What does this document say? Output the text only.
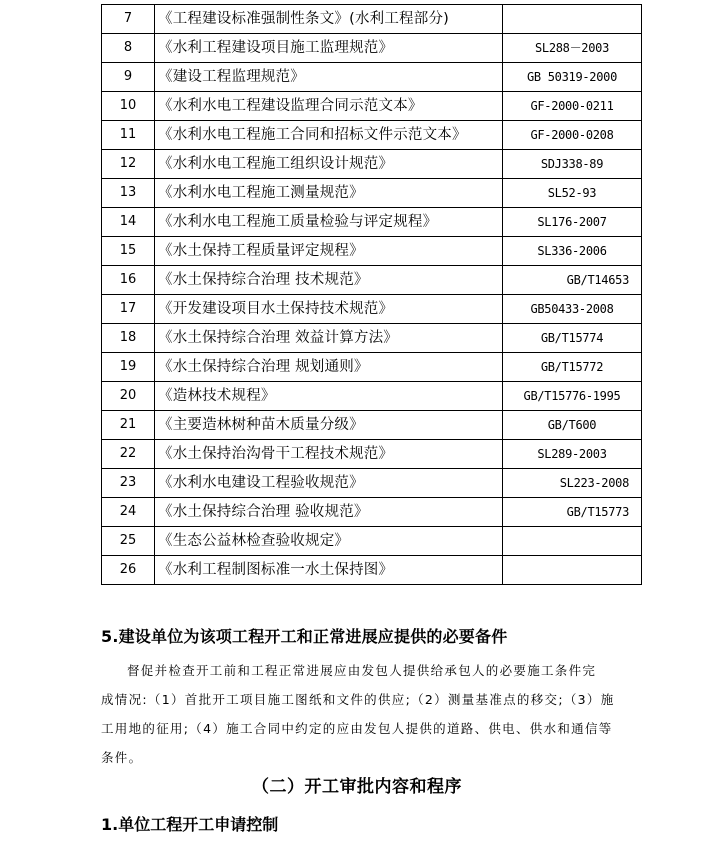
7	《工程建设标准强制性条文》(水利工程部分)	
8	《水利工程建设项目施工监理规范》	SL288－2003
9	《建设工程监理规范》	GB 50319-2000
10	《水利水电工程建设监理合同示范文本》	GF-2000-0211
11	《水利水电工程施工合同和招标文件示范文本》	GF-2000-0208
12	《水利水电工程施工组织设计规范》	SDJ338-89
13	《水利水电工程施工测量规范》	SL52-93
14	《水利水电工程施工质量检验与评定规程》	SL176-2007
15	《水土保持工程质量评定规程》	SL336-2006
16	《水土保持综合治理 技术规范》	GB/T14653
17	《开发建设项目水土保持技术规范》	GB50433-2008
18	《水土保持综合治理 效益计算方法》	GB/T15774
19	《水土保持综合治理 规划通则》	GB/T15772
20	《造林技术规程》	GB/T15776-1995
21	《主要造林树种苗木质量分级》	GB/T600
22	《水土保持治沟骨干工程技术规范》	SL289-2003
23	《水利水电建设工程验收规范》	SL223-2008
24	《水土保持综合治理 验收规范》	GB/T15773
25	《生态公益林检查验收规定》	
26	《水利工程制图标准一水土保持图》	
5.建设单位为该项工程开工和正常进展应提供的必要备件
督促并检查开工前和工程正常进展应由发包人提供给承包人的必要施工条件完
成情况:（1）首批开工项目施工图纸和文件的供应;（2）测量基准点的移交;（3）施
工用地的征用;（4）施工合同中约定的应由发包人提供的道路、供电、供水和通信等
条件。
（二）开工审批内容和程序
1.单位工程开工申请控制
